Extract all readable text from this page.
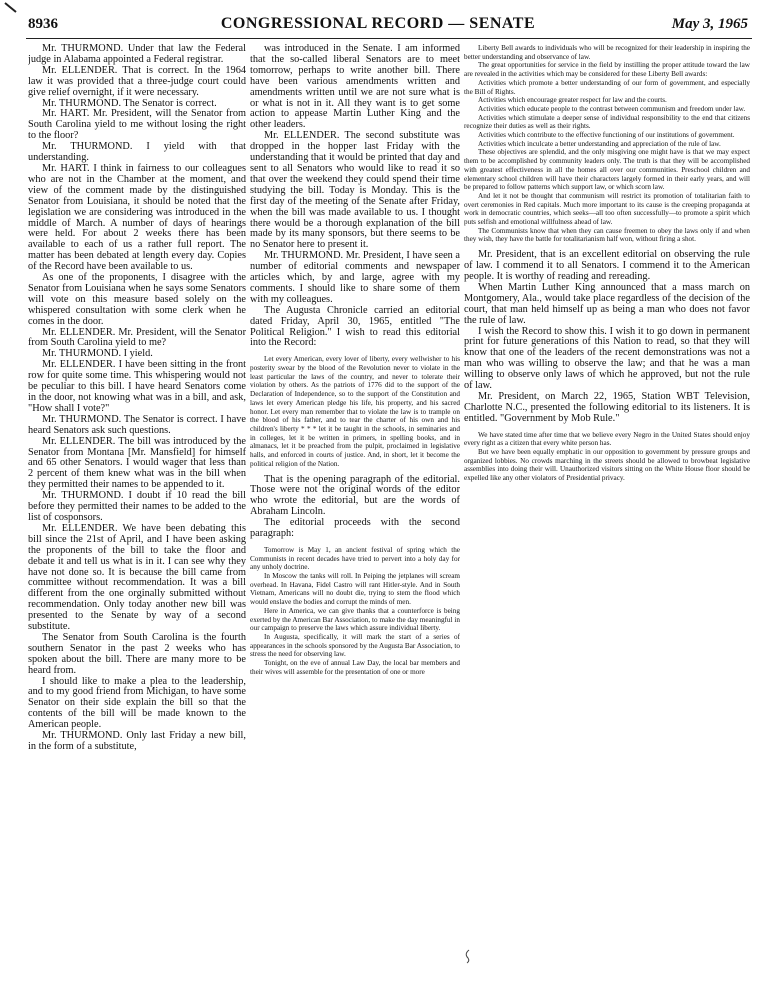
8936	CONGRESSIONAL RECORD — SENATE	May 3, 1965

Mr. THURMOND. Under that law the Federal judge in Alabama appointed a Federal registrar.

Mr. ELLENDER. That is correct. In the 1964 law it was provided that a three-judge court could give relief overnight, if it were necessary.

Mr. THURMOND. The Senator is correct.

Mr. HART. Mr. President, will the Senator from South Carolina yield to me without losing the right to the floor?

Mr. THURMOND. I yield with that understanding.

Mr. HART. I think in fairness to our colleagues who are not in the Chamber at the moment, and view of the comment made by the distinguished Senator from Louisiana, it should be noted that the legislation we are considering was introduced in the middle of March. A number of days of hearings were held. For about 2 weeks there has been available to each of us a rather full report. The matter has been debated at length every day. Copies of the Record have been available to us.

As one of the proponents, I disagree with the Senator from Louisiana when he says some Senators will vote on this measure based solely on the whispered consultation with some clerk when he comes in the door.

Mr. ELLENDER. Mr. President, will the Senator from South Carolina yield to me?

Mr. THURMOND. I yield.

Mr. ELLENDER. I have been sitting in the front row for quite some time. This whispering would not be peculiar to this bill. I have heard Senators come in the door, not knowing what was in a bill, and ask, "How shall I vote?"

Mr. THURMOND. The Senator is correct. I have heard Senators ask such questions.

Mr. ELLENDER. The bill was introduced by the Senator from Montana [Mr. Mansfield] for himself and 65 other Senators. I would wager that less than 2 percent of them knew what was in the bill when they permitted their names to be appended to it.

Mr. THURMOND. I doubt if 10 read the bill before they permitted their names to be added to the list of cosponsors.

Mr. ELLENDER. We have been debating this bill since the 21st of April, and I have been asking the proponents of the bill to take the floor and debate it and tell us what is in it. I can see why they have not done so. It is because the bill came from committee without recommendation. It was a bill different from the one orginally submitted without recommendation. Only today another new bill was presented to the Senate by way of a second substitute.

The Senator from South Carolina is the fourth southern Senator in the past 2 weeks who has spoken about the bill. There are many more to be heard from.

I should like to make a plea to the leadership, and to my good friend from Michigan, to have some Senator on their side explain the bill so that the contents of the bill will be made known to the American people.

Mr. THURMOND. Only last Friday a new bill, in the form of a substitute,

was introduced in the Senate. I am informed that the so-called liberal Senators are to meet tomorrow, perhaps to write another bill. There have been various amendments written and amendments written until we are not sure what is or what is not in it. All they want is to get some action to appease Martin Luther King and the other leaders.

Mr. ELLENDER. The second substitute was dropped in the hopper last Friday with the understanding that it would be printed that day and sent to all Senators who would like to read it so that over the weekend they could spend their time studying the bill. Today is Monday. This is the first day of the meeting of the Senate after Friday, when the bill was made available to us. I thought there would be a thorough explanation of the bill made by its many sponsors, but there seems to be no Senator here to present it.

Mr. THURMOND. Mr. President, I have seen a number of editorial comments and newspaper articles which, by and large, agree with my comments. I should like to share some of them with my colleagues.

The Augusta Chronicle carried an editorial dated Friday, April 30, 1965, entitled "The Political Religion." I wish to read this editorial into the Record:

Let every American, every lover of liberty, every wellwisher to his posterity swear by the blood of the Revolution never to violate in the least particular the laws of the country, and never to tolerate their violation by others. As the patriots of 1776 did to the support of the Declaration of Independence, so to the support of the Constitution and laws let every American pledge his life, his property, and his sacred honor. Let every man remember that to violate the law is to trample on the blood of his father, and to tear the charter of his own and his children's liberty * * * let it be taught in the schools, in seminaries and in colleges, let it be written in primers, in spelling books, and in almanacs, let it be preached from the pulpit, proclaimed in legislative halls, and enforced in courts of justice. And, in short, let it become the political religion of the Nation.

That is the opening paragraph of the editorial. Those were not the original words of the editor who wrote the editorial, but are the words of Abraham Lincoln.

The editorial proceeds with the second paragraph:

Tomorrow is May 1, an ancient festival of spring which the Communists in recent decades have tried to pervert into a holy day for any unholy doctrine.

In Moscow the tanks will roll. In Peiping the jetplanes will scream overhead. In Havana, Fidel Castro will rant Hitler-style. And in South Vietnam, Americans will no doubt die, trying to stem the flood which would enslave the bodies and corrupt the minds of men.

Here in America, we can give thanks that a counterforce is being exerted by the American Bar Association, to make the day meaningful in our campaign to preserve the laws which assure individual liberty.

In Augusta, specifically, it will mark the start of a series of appearances in the schools sponsored by the Augusta Bar Association, to stress the need for observing law.

Tonight, on the eve of annual Law Day, the local bar members and their wives will assemble for the presentation of one or more

Liberty Bell awards to individuals who will be recognized for their leadership in inspiring the better understanding and observance of law.

The great opportunities for service in the field by instilling the proper attitude toward the law are revealed in the activities which may be considered for these Liberty Bell awards:

Activities which promote a better understanding of our form of government, and especially the Bill of Rights.

Activities which encourage greater respect for law and the courts.

Activities which educate people to the contrast between communism and freedom under law.

Activities which stimulate a deeper sense of individual responsibility to the end that citizens recognize their duties as well as their rights.

Activities which contribute to the effective functioning of our institutions of government.

Activities which inculcate a better understanding and appreciation of the rule of law.

These objectives are splendid, and the only misgiving one might have is that we may expect them to be accomplished by community leaders only. The truth is that they will be accomplished with greatest effectiveness in all the homes all over our communities. Preschool children and elementary school children will have their characters largely formed in their early years, and will be prepared to follow patterns which support law, or which scorn law.

And let it not be thought that communism will restrict its promotion of totalitarian faith to overt ceremonies in Red capitals. Much more important to its cause is the creeping propaganda at work in democratic countries, which seeks—all too often successfully—to promote a spirit which puts selfish and emotional willfulness ahead of law.

The Communists know that when they can cause freemen to obey the laws only if and when they wish, they have the battle for totalitarianism half won, without firing a shot.

Mr. President, that is an excellent editorial on observing the rule of law. I commend it to all Senators. I commend it to the American people. It is worthy of reading and rereading.

When Martin Luther King announced that a mass march on Montgomery, Ala., would take place regardless of the decision of the court, that man held himself up as being a man who does not favor the rule of law.

I wish the Record to show this. I wish it to go down in permanent print for future generations of this Nation to read, so that they will know that one of the leaders of the recent demonstrations was not a man who was willing to observe the law; and that he was a man willing to observe only laws of which he approved, but not the rule of law.

Mr. President, on March 22, 1965, Station WBT Television, Charlotte N.C., presented the following editorial to its listeners. It is entitled. "Government by Mob Rule."

We have stated time after time that we believe every Negro in the United States should enjoy every right as a citizen that every white person has.

But we have been equally emphatic in our opposition to government by pressure groups and organized lobbies. No crowds marching in the streets should be allowed to browbeat legislative assemblies into doing their will. Unauthorized visitors sitting on the White House floor should be expelled like any other violators of Presidential privacy.
